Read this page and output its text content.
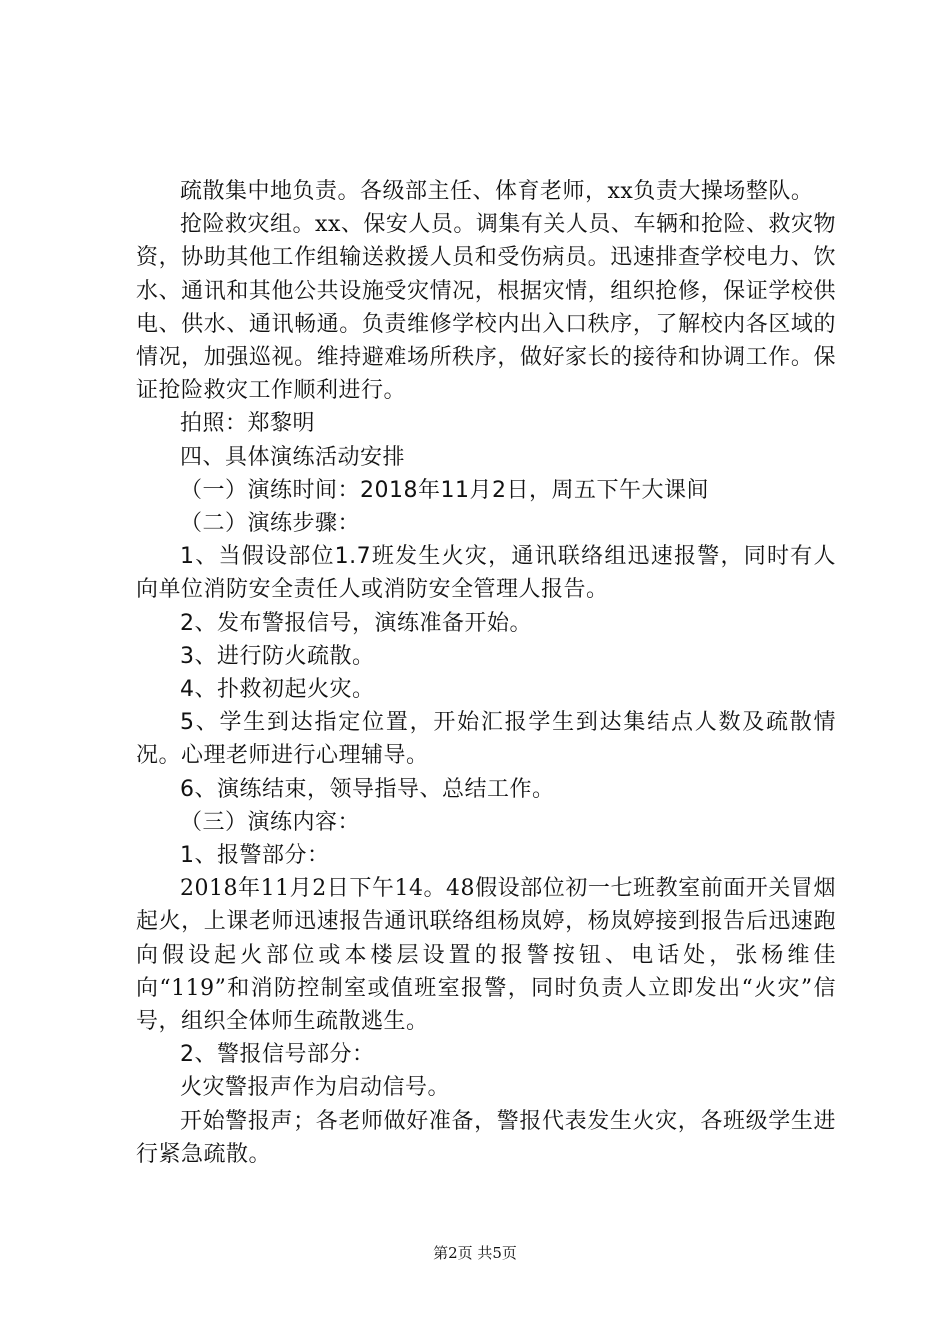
疏散集中地负责。各级部主任、体育老师，xx负责大操场整队。

抢险救灾组。xx、保安人员。调集有关人员、车辆和抢险、救灾物资，协助其他工作组输送救援人员和受伤病员。迅速排查学校电力、饮水、通讯和其他公共设施受灾情况，根据灾情，组织抢修，保证学校供电、供水、通讯畅通。负责维修学校内出入口秩序，了解校内各区域的情况，加强巡视。维持避难场所秩序，做好家长的接待和协调工作。保证抢险救灾工作顺利进行。

拍照：郑黎明

四、具体演练活动安排

（一）演练时间：2018年11月2日，周五下午大课间

（二）演练步骤：

1、当假设部位1.7班发生火灾，通讯联络组迅速报警，同时有人向单位消防安全责任人或消防安全管理人报告。

2、发布警报信号，演练准备开始。

3、进行防火疏散。

4、扑救初起火灾。

5、学生到达指定位置，开始汇报学生到达集结点人数及疏散情况。心理老师进行心理辅导。

6、演练结束，领导指导、总结工作。

（三）演练内容：

1、报警部分：

2018年11月2日下午14。48假设部位初一七班教室前面开关冒烟起火，上课老师迅速报告通讯联络组杨岚婷，杨岚婷接到报告后迅速跑向假设起火部位或本楼层设置的报警按钮、电话处，张杨维佳向“119”和消防控制室或值班室报警，同时负责人立即发出“火灾”信号，组织全体师生疏散逃生。

2、警报信号部分：

火灾警报声作为启动信号。

开始警报声；各老师做好准备，警报代表发生火灾，各班级学生进行紧急疏散。

第2页 共5页
